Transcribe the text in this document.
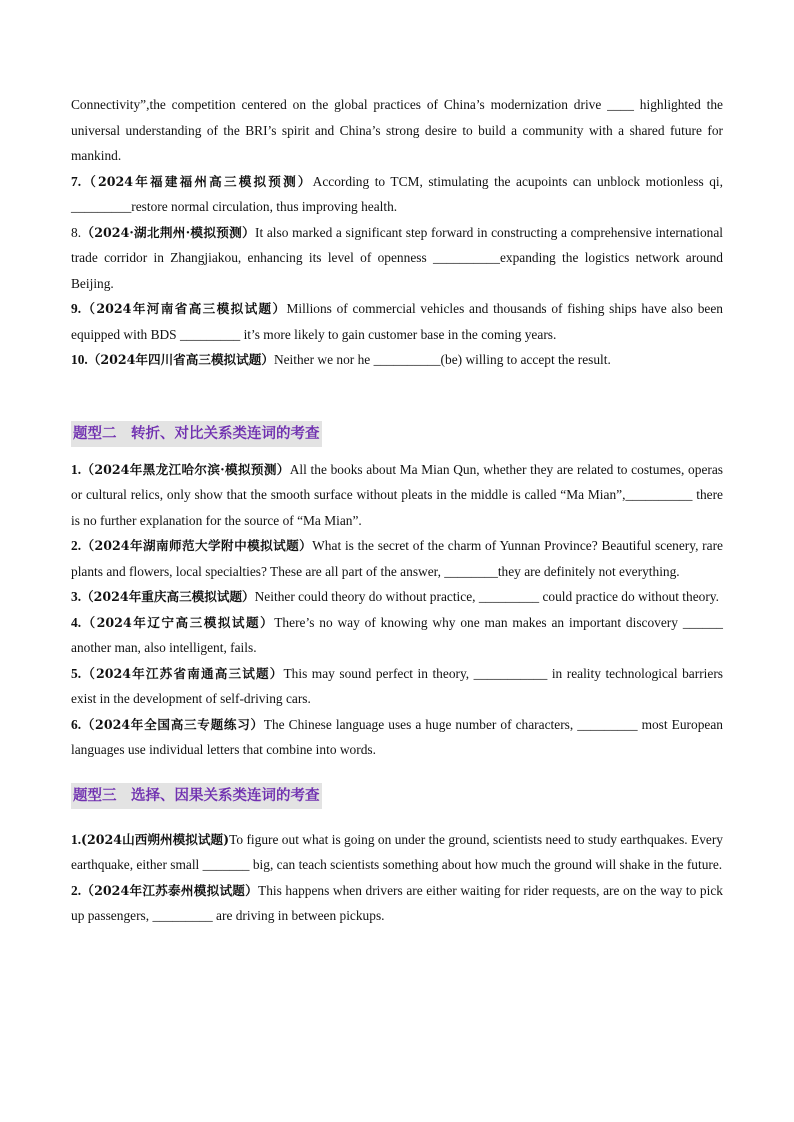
Connectivity”,the competition centered on the global practices of China’s modernization drive ____ highlighted the universal understanding of the BRI’s spirit and China’s strong desire to build a community with a shared future for mankind.

7.（2024年福建福州高三模拟预测）According to TCM, stimulating the acupoints can unblock motionless qi, _________restore normal circulation, thus improving health.

8.（2024·湖北荆州·模拟预测）It also marked a significant step forward in constructing a comprehensive international trade corridor in Zhangjiakou, enhancing its level of openness __________expanding the logistics network around Beijing.

9.（2024年河南省高三模拟试题）Millions of commercial vehicles and thousands of fishing ships have also been equipped with BDS _________ it’s more likely to gain customer base in the coming years.

10.（2024年四川省高三模拟试题）Neither we nor he __________(be) willing to accept the result.

题型二　转折、对比关系类连词的考查

1.（2024年黑龙江哈尔滨·模拟预测）All the books about Ma Mian Qun, whether they are related to costumes, operas or cultural relics, only show that the smooth surface without pleats in the middle is called “Ma Mian”,__________ there is no further explanation for the source of “Ma Mian”.

2.（2024年湖南师范大学附中模拟试题）What is the secret of the charm of Yunnan Province? Beautiful scenery, rare plants and flowers, local specialties? These are all part of the answer, ________they are definitely not everything.

3.（2024年重庆高三模拟试题）Neither could theory do without practice, _________ could practice do without theory.

4.（2024年辽宁高三模拟试题）There’s no way of knowing why one man makes an important discovery ______ another man, also intelligent, fails.

5.（2024年江苏省南通高三试题）This may sound perfect in theory, ___________ in reality technological barriers exist in the development of self-driving cars.

6.（2024年全国高三专题练习）The Chinese language uses a huge number of characters, _________ most European languages use individual letters that combine into words.

题型三　选择、因果关系类连词的考查

1.(2024山西朔州模拟试题)To figure out what is going on under the ground, scientists need to study earthquakes. Every earthquake, either small _______ big, can teach scientists something about how much the ground will shake in the future.

2.（2024年江苏泰州模拟试题）This happens when drivers are either waiting for rider requests, are on the way to pick up passengers, _________ are driving in between pickups.
